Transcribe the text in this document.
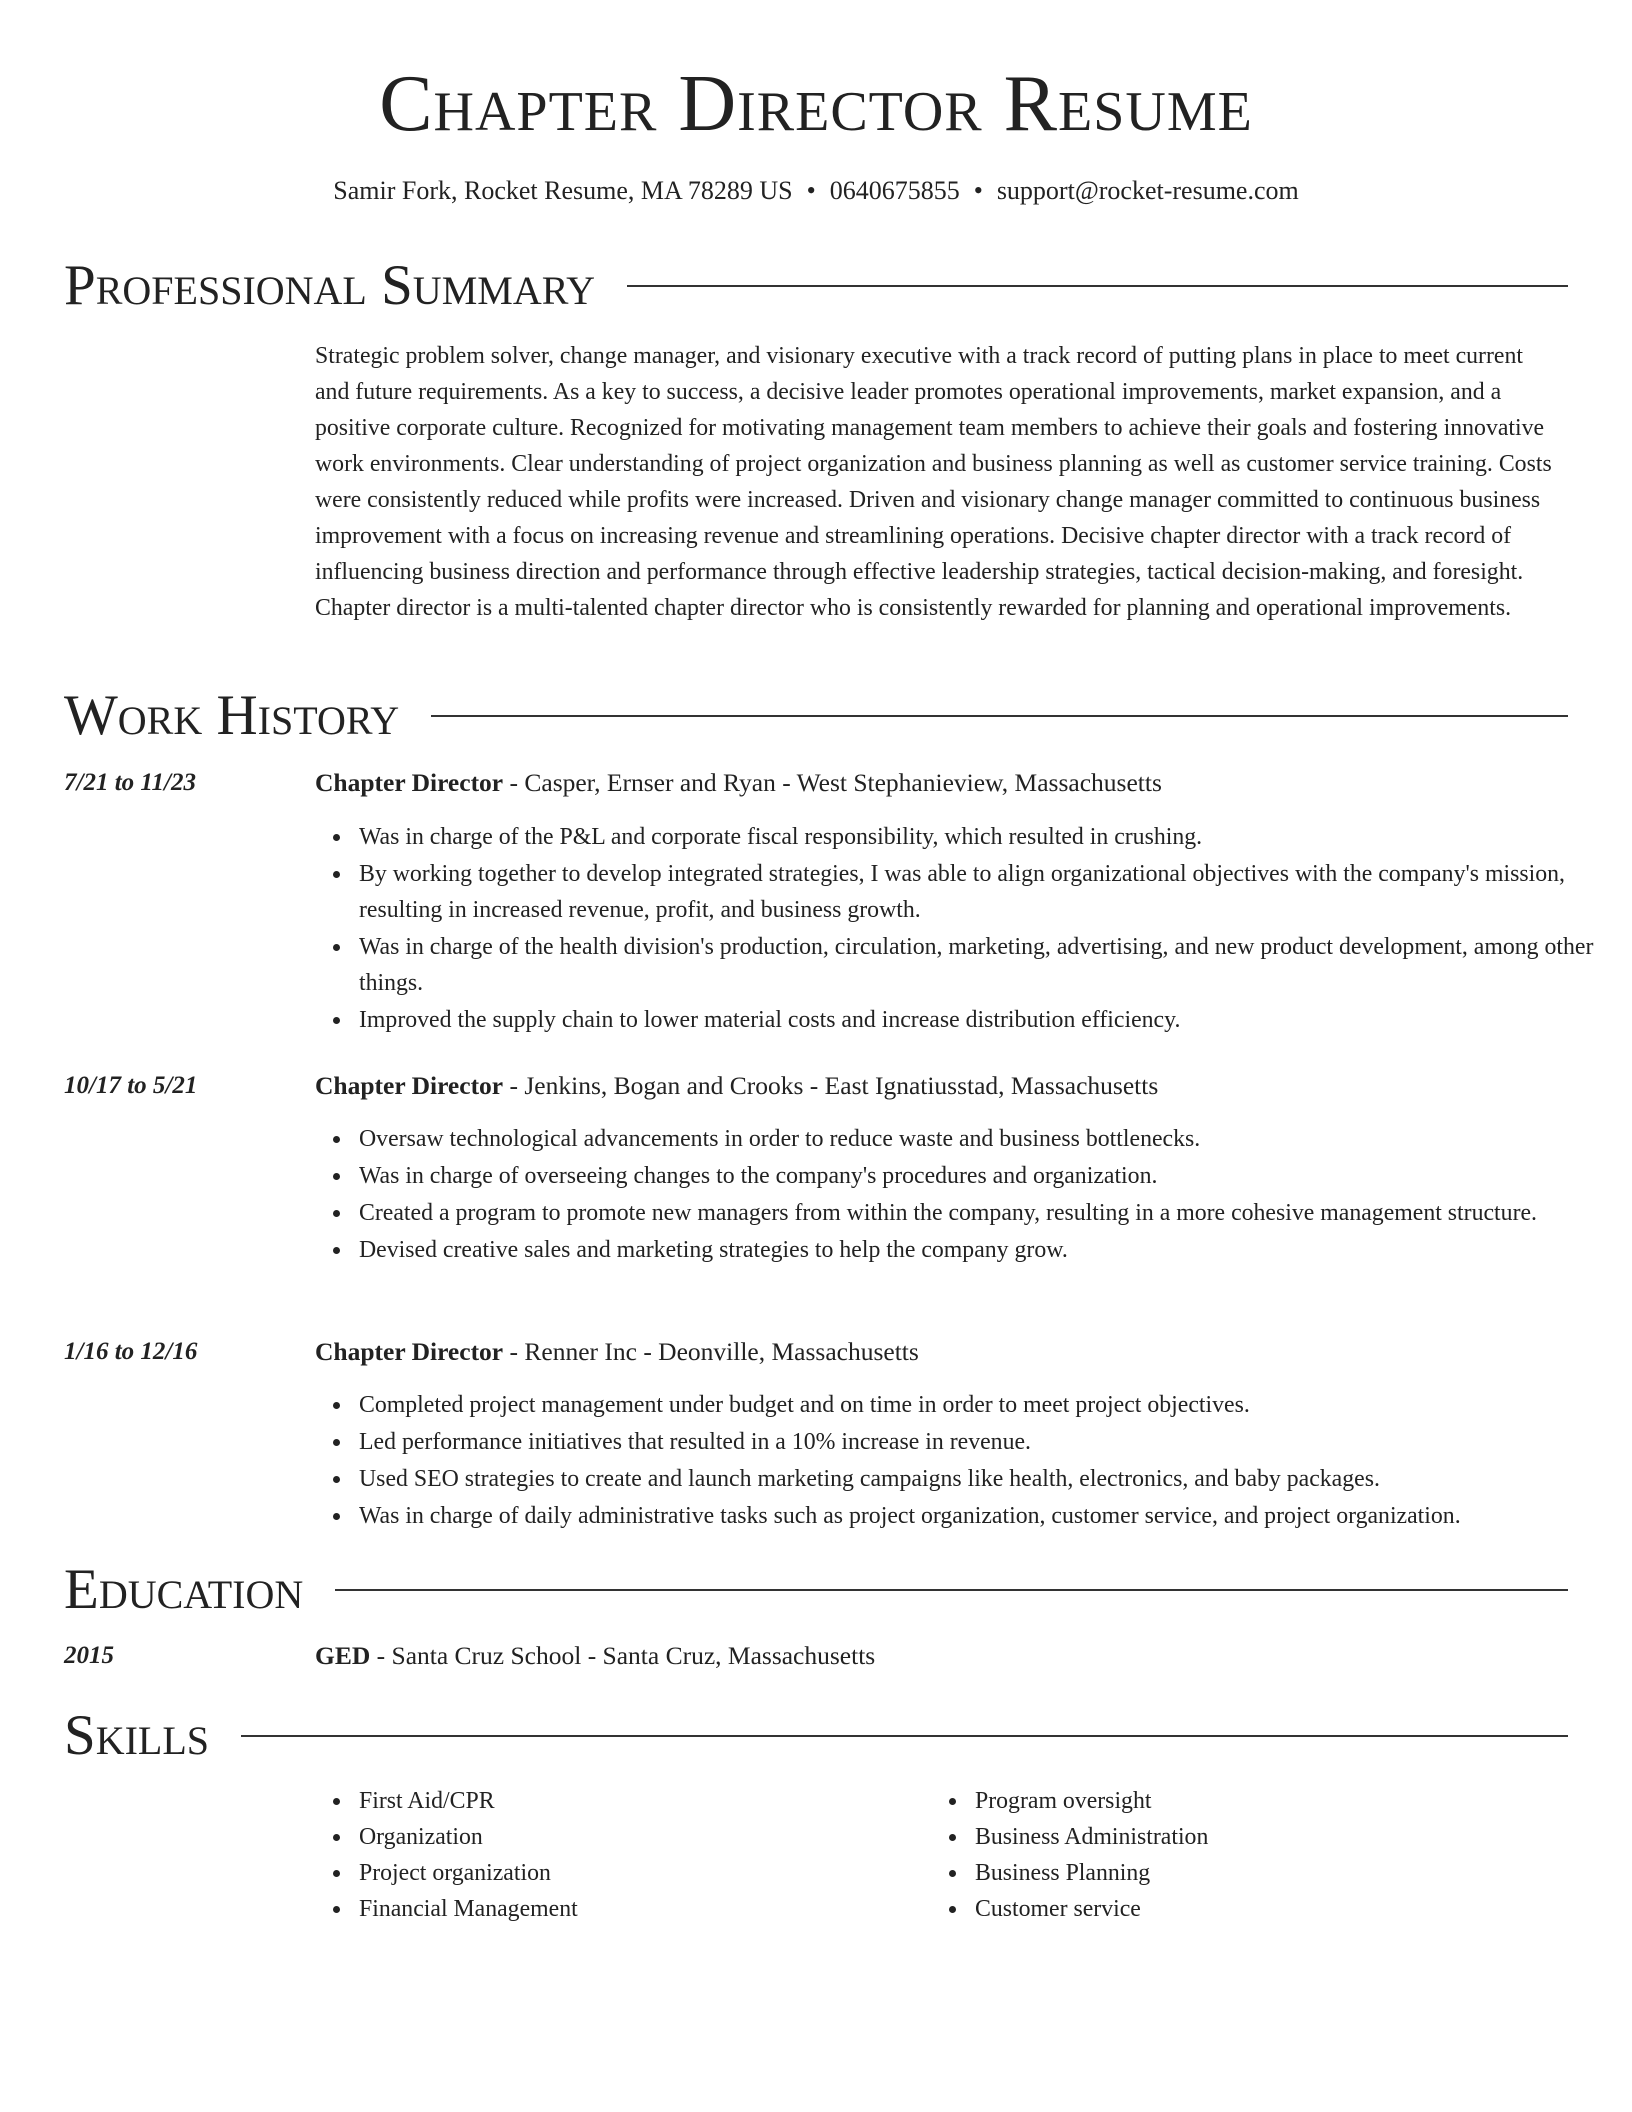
Chapter Director Resume
Samir Fork, Rocket Resume, MA 78289 US • 0640675855 • support@rocket-resume.com
Professional Summary

Strategic problem solver, change manager, and visionary executive with a track record of putting plans in place to meet current and future requirements. As a key to success, a decisive leader promotes operational improvements, market expansion, and a positive corporate culture. Recognized for motivating management team members to achieve their goals and fostering innovative work environments. Clear understanding of project organization and business planning as well as customer service training. Costs were consistently reduced while profits were increased. Driven and visionary change manager committed to continuous business improvement with a focus on increasing revenue and streamlining operations. Decisive chapter director with a track record of influencing business direction and performance through effective leadership strategies, tactical decision-making, and foresight. Chapter director is a multi-talented chapter director who is consistently rewarded for planning and operational improvements.

Work History
7/21 to 11/23	Chapter Director - Casper, Ernser and Ryan - West Stephanieview, Massachusetts
Was in charge of the P&L and corporate fiscal responsibility, which resulted in crushing.
By working together to develop integrated strategies, I was able to align organizational objectives with the company's mission, resulting in increased revenue, profit, and business growth.
Was in charge of the health division's production, circulation, marketing, advertising, and new product development, among other things.
Improved the supply chain to lower material costs and increase distribution efficiency.
10/17 to 5/21	Chapter Director - Jenkins, Bogan and Crooks - East Ignatiusstad, Massachusetts
Oversaw technological advancements in order to reduce waste and business bottlenecks.
Was in charge of overseeing changes to the company's procedures and organization.
Created a program to promote new managers from within the company, resulting in a more cohesive management structure.
Devised creative sales and marketing strategies to help the company grow.
1/16 to 12/16	Chapter Director - Renner Inc - Deonville, Massachusetts
Completed project management under budget and on time in order to meet project objectives.
Led performance initiatives that resulted in a 10% increase in revenue.
Used SEO strategies to create and launch marketing campaigns like health, electronics, and baby packages.
Was in charge of daily administrative tasks such as project organization, customer service, and project organization.
Education
2015	GED - Santa Cruz School - Santa Cruz, Massachusetts
Skills
First Aid/CPR
Organization
Project organization
Financial Management
Program oversight
Business Administration
Business Planning
Customer service
